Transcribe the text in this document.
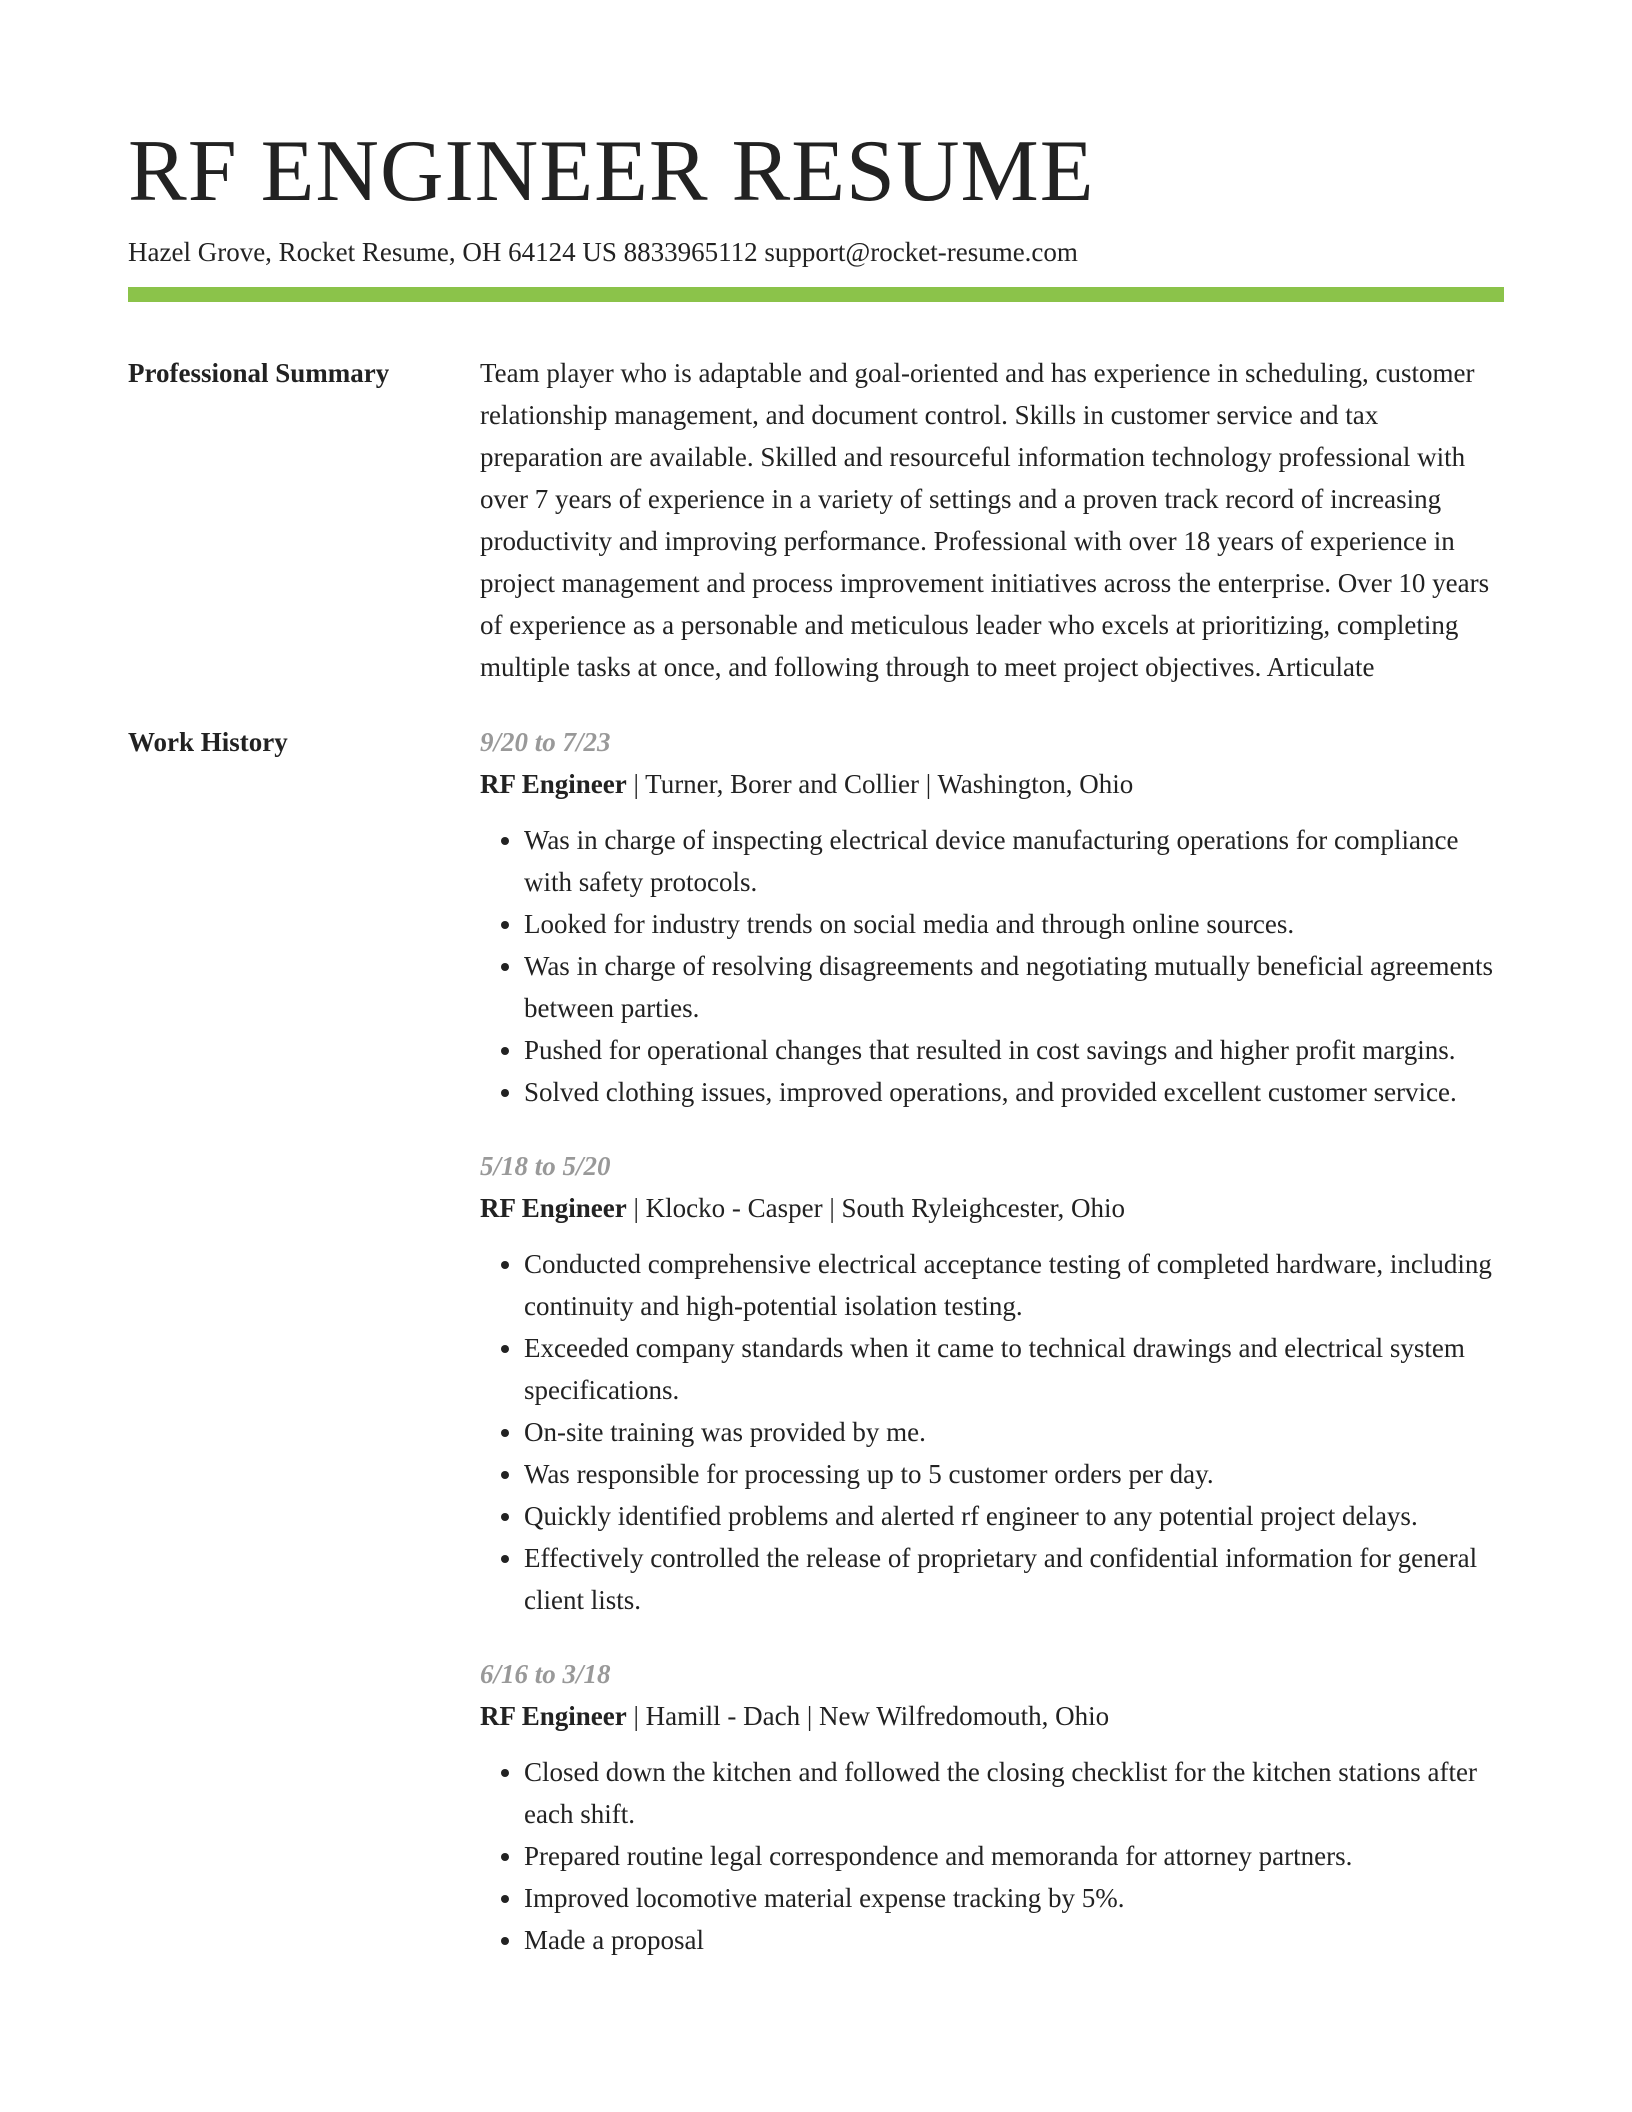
RF ENGINEER RESUME
Hazel Grove, Rocket Resume, OH 64124 US 8833965112 support@rocket-resume.com
Professional Summary	Team player who is adaptable and goal-oriented and has experience in scheduling, customer relationship management, and document control. Skills in customer service and tax preparation are available. Skilled and resourceful information technology professional with over 7 years of experience in a variety of settings and a proven track record of increasing productivity and improving performance. Professional with over 18 years of experience in project management and process improvement initiatives across the enterprise. Over 10 years of experience as a personable and meticulous leader who excels at prioritizing, completing multiple tasks at once, and following through to meet project objectives. Articulate
Work History	9/20 to 7/23
RF Engineer | Turner, Borer and Collier | Washington, Ohio
• Was in charge of inspecting electrical device manufacturing operations for compliance with safety protocols.
• Looked for industry trends on social media and through online sources.
• Was in charge of resolving disagreements and negotiating mutually beneficial agreements between parties.
• Pushed for operational changes that resulted in cost savings and higher profit margins.
• Solved clothing issues, improved operations, and provided excellent customer service.
5/18 to 5/20
RF Engineer | Klocko - Casper | South Ryleighcester, Ohio
• Conducted comprehensive electrical acceptance testing of completed hardware, including continuity and high-potential isolation testing.
• Exceeded company standards when it came to technical drawings and electrical system specifications.
• On-site training was provided by me.
• Was responsible for processing up to 5 customer orders per day.
• Quickly identified problems and alerted rf engineer to any potential project delays.
• Effectively controlled the release of proprietary and confidential information for general client lists.
6/16 to 3/18
RF Engineer | Hamill - Dach | New Wilfredomouth, Ohio
• Closed down the kitchen and followed the closing checklist for the kitchen stations after each shift.
• Prepared routine legal correspondence and memoranda for attorney partners.
• Improved locomotive material expense tracking by 5%.
• Made a proposal
